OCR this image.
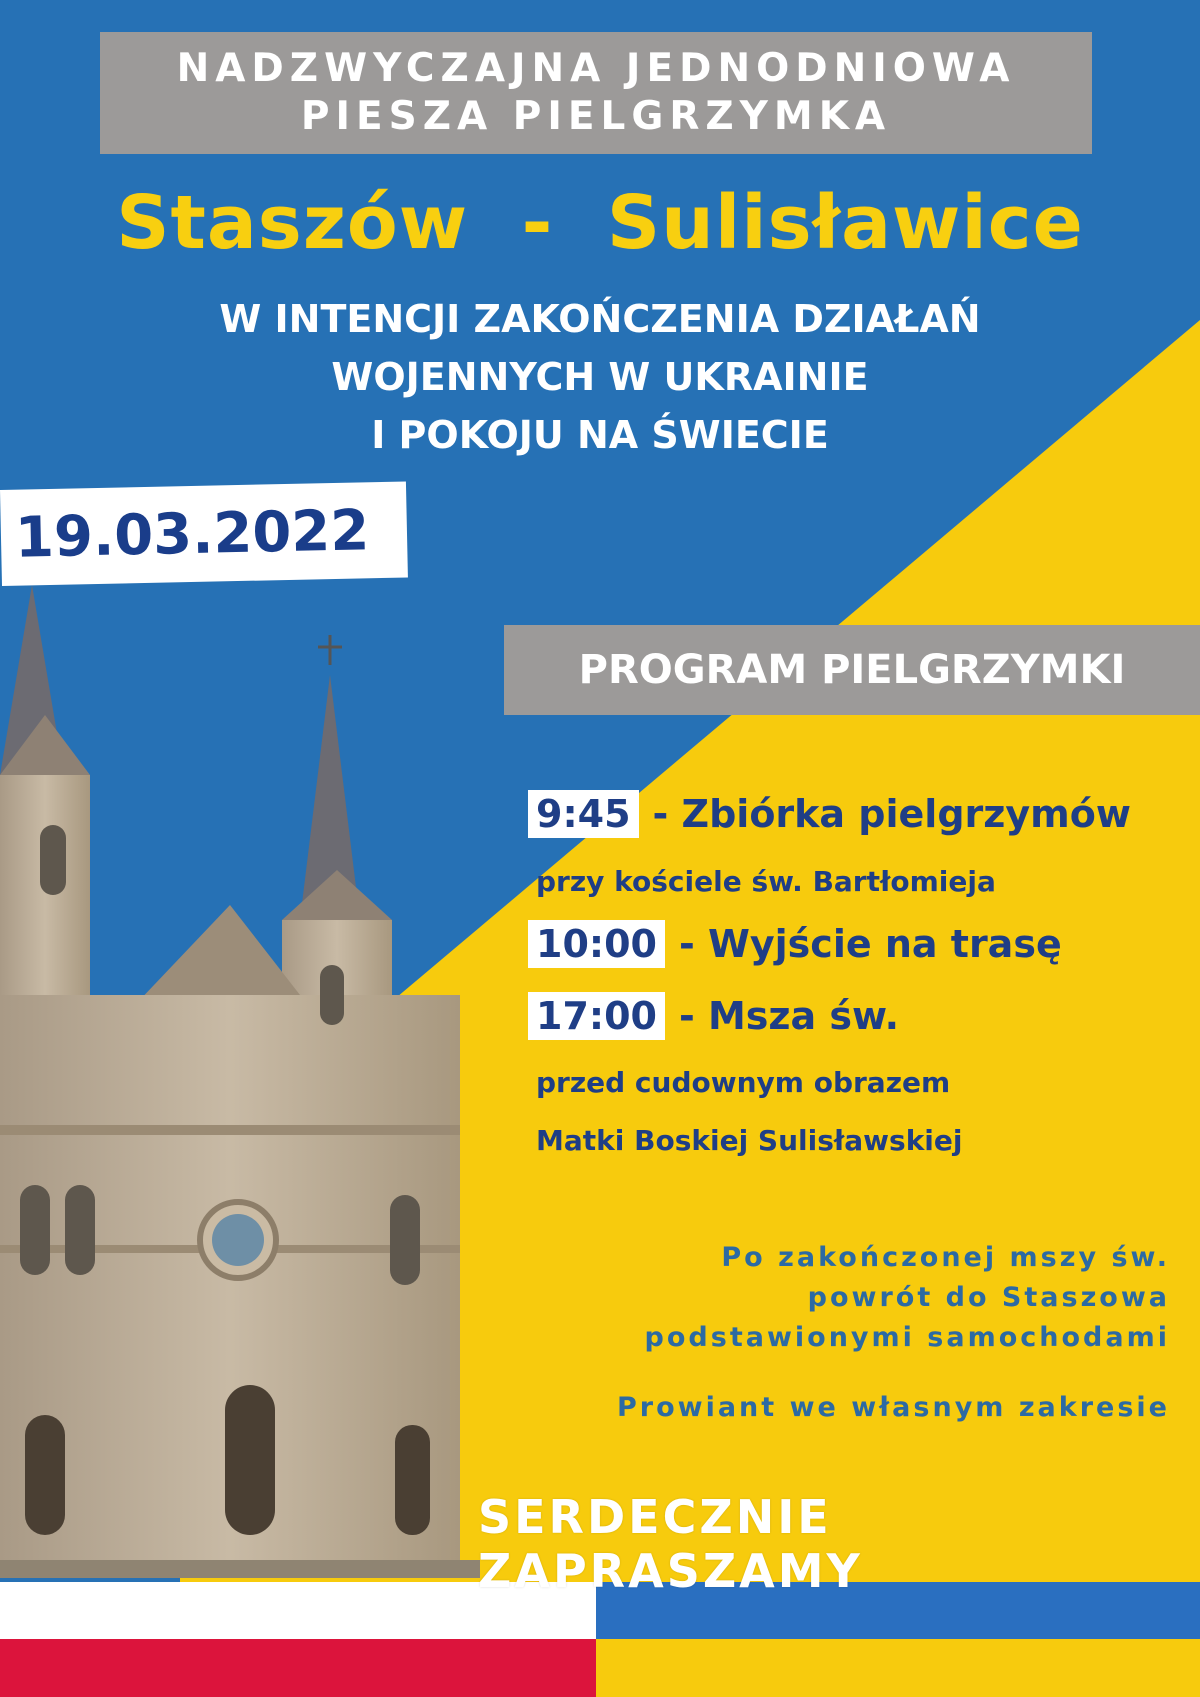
NADZWYCZAJNA JEDNODNIOWA
PIESZA PIELGRZYMKA
Staszów  -  Sulisławice
W INTENCJI ZAKOŃCZENIA DZIAŁAŃ
WOJENNYCH W UKRAINIE
I POKOJU NA ŚWIECIE
19.03.2022
PROGRAM PIELGRZYMKI
9:45 - Zbiórka pielgrzymów
przy kościele św. Bartłomieja
10:00 - Wyjście na trasę
17:00 - Msza św.
przed cudownym obrazem
Matki Boskiej Sulisławskiej
Po zakończonej mszy św.
powrót do Staszowa
podstawionymi samochodami
Prowiant we własnym zakresie
SERDECZNIE ZAPRASZAMY
